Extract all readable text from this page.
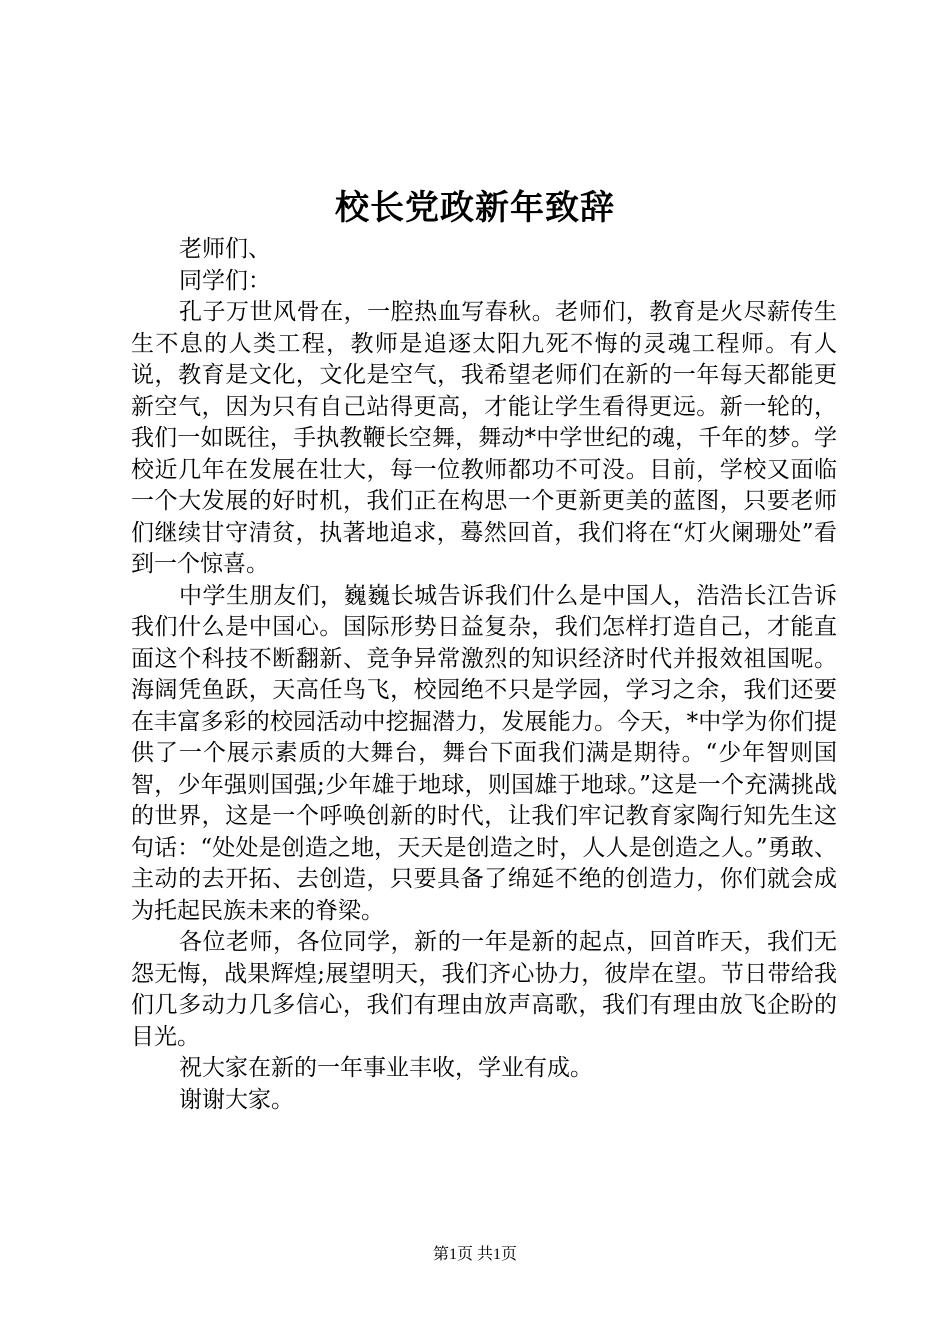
校长党政新年致辞

老师们、

同学们：

孔子万世风骨在，一腔热血写春秋。老师们，教育是火尽薪传生生不息的人类工程，教师是追逐太阳九死不悔的灵魂工程师。有人说，教育是文化，文化是空气，我希望老师们在新的一年每天都能更新空气，因为只有自己站得更高，才能让学生看得更远。新一轮的，我们一如既往，手执教鞭长空舞，舞动*中学世纪的魂，千年的梦。学校近几年在发展在壮大，每一位教师都功不可没。目前，学校又面临一个大发展的好时机，我们正在构思一个更新更美的蓝图，只要老师们继续甘守清贫，执著地追求，蓦然回首，我们将在“灯火阑珊处”看到一个惊喜。

中学生朋友们，巍巍长城告诉我们什么是中国人，浩浩长江告诉我们什么是中国心。国际形势日益复杂，我们怎样打造自己，才能直面这个科技不断翻新、竞争异常激烈的知识经济时代并报效祖国呢。海阔凭鱼跃，天高任鸟飞，校园绝不只是学园，学习之余，我们还要在丰富多彩的校园活动中挖掘潜力，发展能力。今天，*中学为你们提供了一个展示素质的大舞台，舞台下面我们满是期待。“少年智则国智，少年强则国强;少年雄于地球，则国雄于地球。”这是一个充满挑战的世界，这是一个呼唤创新的时代，让我们牢记教育家陶行知先生这句话：“处处是创造之地，天天是创造之时，人人是创造之人。”勇敢、主动的去开拓、去创造，只要具备了绵延不绝的创造力，你们就会成为托起民族未来的脊梁。

各位老师，各位同学，新的一年是新的起点，回首昨天，我们无怨无悔，战果辉煌;展望明天，我们齐心协力，彼岸在望。节日带给我们几多动力几多信心，我们有理由放声高歌，我们有理由放飞企盼的目光。

祝大家在新的一年事业丰收，学业有成。

谢谢大家。

第1页 共1页
